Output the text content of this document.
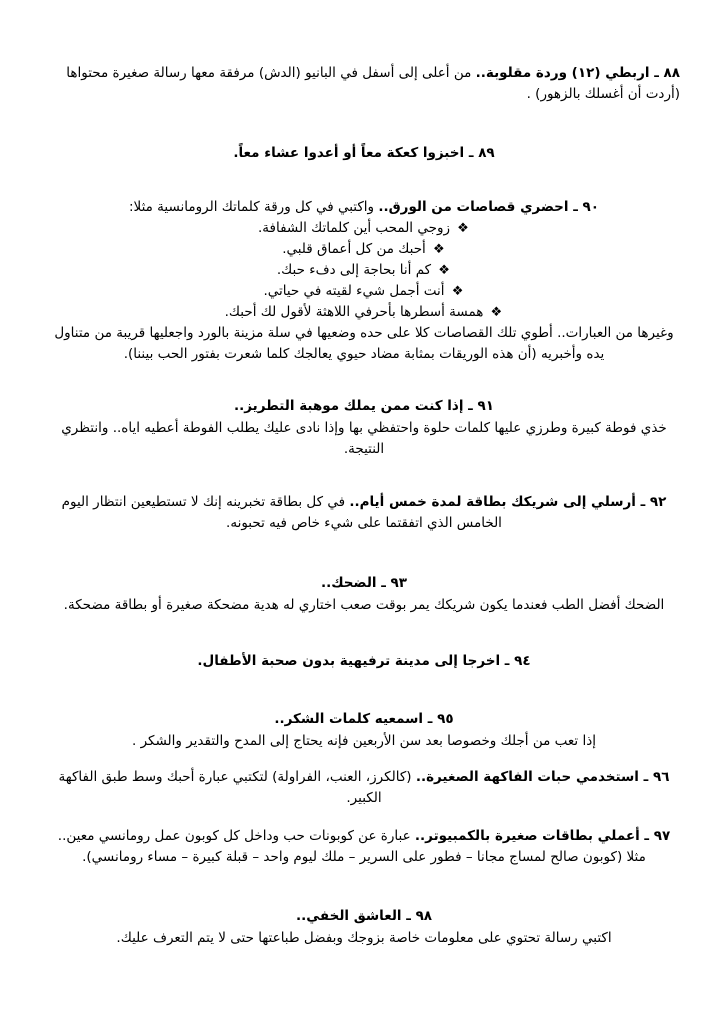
٨٨ ـ اربطي (١٢) وردة مقلوبة.. من أعلى إلى أسفل في البانيو (الدش) مرفقة معها رسالة صغيرة محتواها (أردت أن أغسلك بالزهور) .
٨٩ ـ اخبزوا كعكة معاً أو أعدوا عشاء معاً.
٩٠ ـ احضري قصاصات من الورق.. واكتبي في كل ورقة كلماتك الرومانسية مثلا:
❖زوجي المحب أين كلماتك الشفافة.
❖أحبك من كل أعماق قلبي.
❖كم أنا بحاجة إلى دفء حبك.
❖أنت أجمل شيء لقيته في حياتي.
❖همسة أسطرها بأحرفي اللاهثة لأقول لك أحبك.
وغيرها من العبارات.. أطوي تلك القصاصات كلا على حده وضعيها في سلة مزينة بالورد واجعليها قريبة من متناول يده وأخبريه (أن هذه الوريقات بمثابة مضاد حيوي يعالجك كلما شعرت بفتور الحب بيننا).
٩١ ـ إذا كنت ممن يملك موهبة التطريز..
خذي فوطة كبيرة وطرزي عليها كلمات حلوة واحتفظي بها وإذا نادى عليك يطلب الفوطة أعطيه اياه.. وانتظري النتيجة.
٩٢ ـ أرسلي إلى شريكك بطاقة لمدة خمس أيام.. في كل بطاقة تخبرينه إنك لا تستطيعين انتظار اليوم الخامس الذي اتفقتما على شيء خاص فيه تحبونه.
٩٣ ـ الضحك..
الضحك أفضل الطب فعندما يكون شريكك يمر بوقت صعب اختاري له هدية مضحكة صغيرة أو بطاقة مضحكة.
٩٤ ـ اخرجا إلى مدينة ترفيهية بدون صحبة الأطفال.
٩٥ ـ اسمعيه كلمات الشكر..
إذا تعب من أجلك وخصوصا بعد سن الأربعين فإنه يحتاج إلى المدح والتقدير والشكر .
٩٦ ـ استخدمي حبات الفاكهة الصغيرة.. (كالكرز، العنب، الفراولة) لتكتبي عبارة أحبك وسط طبق الفاكهة الكبير.
٩٧ ـ أعملي بطاقات صغيرة بالكمبيوتر.. عبارة عن كوبونات حب وداخل كل كوبون عمل رومانسي معين.. مثلا (كوبون صالح لمساج مجانا – فطور على السرير – ملك ليوم واحد – قبلة كبيرة – مساء رومانسي).
٩٨ ـ العاشق الخفي..
اكتبي رسالة تحتوي على معلومات خاصة بزوجك وبفضل طباعتها حتى لا يتم التعرف عليك.
